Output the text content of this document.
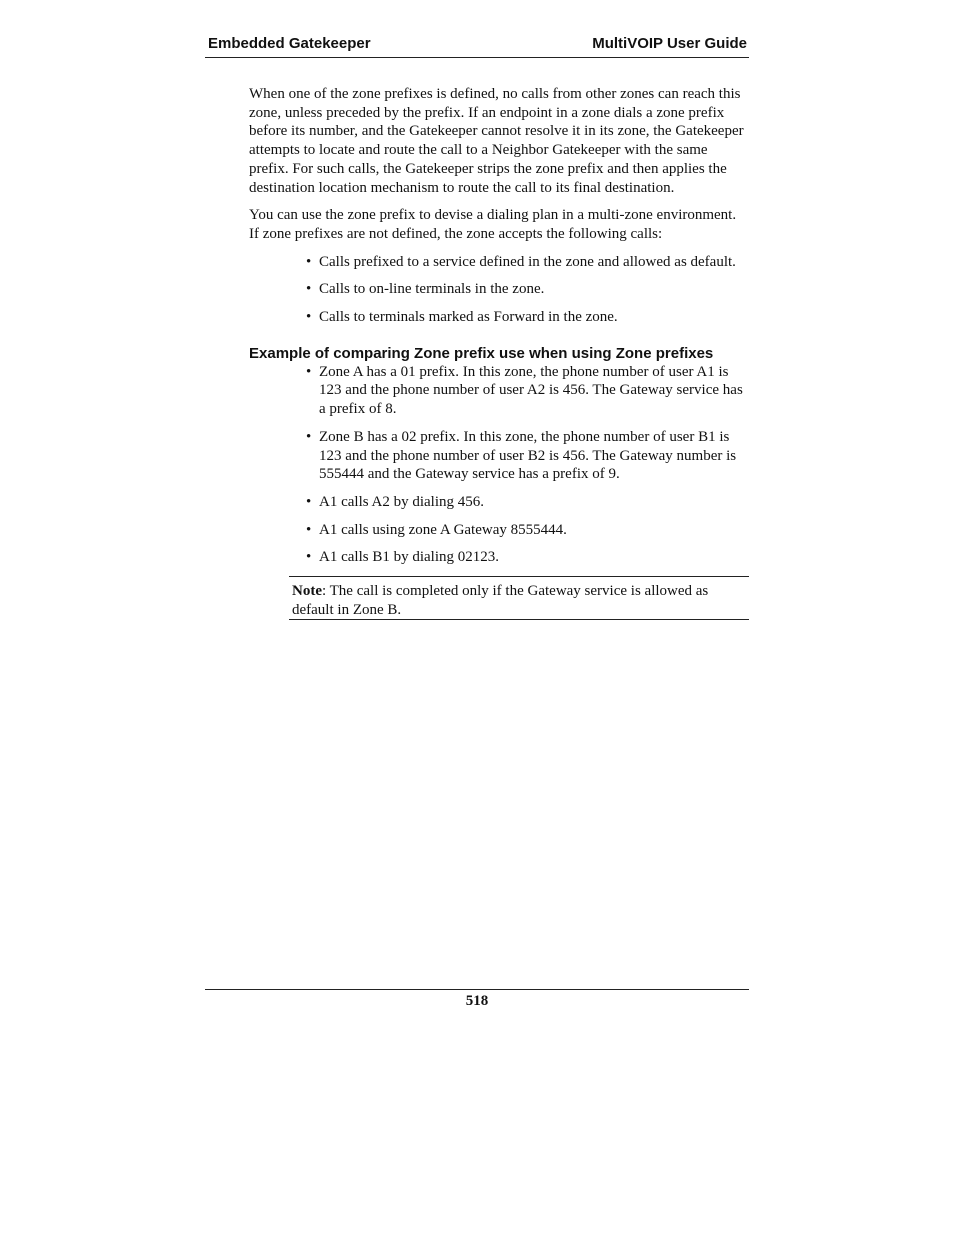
Embedded Gatekeeper	MultiVOIP User Guide

When one of the zone prefixes is defined, no calls from other zones can reach this zone, unless preceded by the prefix. If an endpoint in a zone dials a zone prefix before its number, and the Gatekeeper cannot resolve it in its zone, the Gatekeeper attempts to locate and route the call to a Neighbor Gatekeeper with the same prefix. For such calls, the Gatekeeper strips the zone prefix and then applies the destination location mechanism to route the call to its final destination.

You can use the zone prefix to devise a dialing plan in a multi-zone environment. If zone prefixes are not defined, the zone accepts the following calls:

• Calls prefixed to a service defined in the zone and allowed as default.
• Calls to on-line terminals in the zone.
• Calls to terminals marked as Forward in the zone.
Example of comparing Zone prefix use when using Zone prefixes
• Zone A has a 01 prefix. In this zone, the phone number of user A1 is 123 and the phone number of user A2 is 456. The Gateway service has a prefix of 8.
• Zone B has a 02 prefix. In this zone, the phone number of user B1 is 123 and the phone number of user B2 is 456. The Gateway number is 555444 and the Gateway service has a prefix of 9.
• A1 calls A2 by dialing 456.
• A1 calls using zone A Gateway 8555444.
• A1 calls B1 by dialing 02123.
Note: The call is completed only if the Gateway service is allowed as default in Zone B.
518
